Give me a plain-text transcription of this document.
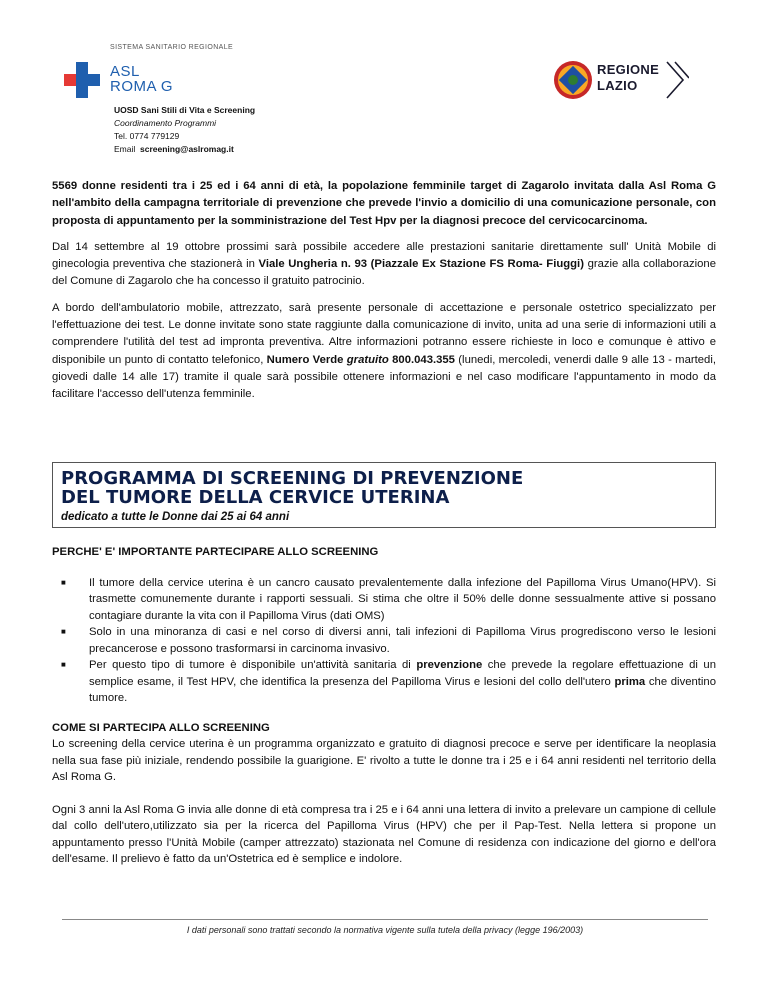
SISTEMA SANITARIO REGIONALE
ASL
ROMA G
UOSD Sani Stili di Vita e Screening
Coordinamento Programmi
Tel. 0774 779129
Email screening@aslromag.it
REGIONE
LAZIO

5569 donne residenti tra i 25 ed i 64 anni di età, la popolazione femminile target di Zagarolo invitata dalla Asl Roma G nell'ambito della campagna territoriale di prevenzione che prevede l'invio a domicilio di una comunicazione personale, con proposta di appuntamento per la somministrazione del Test Hpv per la diagnosi precoce del cervicocarcinoma.

Dal 14 settembre al 19 ottobre prossimi sarà possibile accedere alle prestazioni sanitarie direttamente sull' Unità Mobile di ginecologia preventiva che stazionerà in Viale Ungheria n. 93 (Piazzale Ex Stazione FS Roma- Fiuggi) grazie alla collaborazione del Comune di Zagarolo che ha concesso il gratuito patrocinio.

A bordo dell'ambulatorio mobile, attrezzato, sarà presente personale di accettazione e personale ostetrico specializzato per l'effettuazione dei test. Le donne invitate sono state raggiunte dalla comunicazione di invito, unita ad una serie di informazioni utili a comprendere l'utilità del test ad impronta preventiva. Altre informazioni potranno essere richieste in loco e comunque è attivo e disponibile un punto di contatto telefonico, Numero Verde gratuito 800.043.355 (lunedi, mercoledi, venerdi dalle 9 alle 13 - martedi, giovedi dalle 14 alle 17) tramite il quale sarà possibile ottenere informazioni e nel caso modificare l'appuntamento in modo da facilitare l'accesso dell'utenza femminile.

PROGRAMMA DI SCREENING DI PREVENZIONE
DEL TUMORE DELLA CERVICE UTERINA
dedicato a tutte le Donne dai 25 ai 64 anni
PERCHE' E' IMPORTANTE PARTECIPARE ALLO SCREENING
■ Il tumore della cervice uterina è un cancro causato prevalentemente dalla infezione del Papilloma Virus Umano(HPV). Si trasmette comunemente durante i rapporti sessuali. Si stima che oltre il 50% delle donne sessualmente attive si possano contagiare durante la vita con il Papilloma Virus (dati OMS)
■ Solo in una minoranza di casi e nel corso di diversi anni, tali infezioni di Papilloma Virus progrediscono verso le lesioni precancerose e possono trasformarsi in carcinoma invasivo.
■ Per questo tipo di tumore è disponibile un'attività sanitaria di prevenzione che prevede la regolare effettuazione di un semplice esame, il Test HPV, che identifica la presenza del Papilloma Virus e lesioni del collo dell'utero prima che diventino tumore.
COME SI PARTECIPA ALLO SCREENING

Lo screening della cervice uterina è un programma organizzato e gratuito di diagnosi precoce e serve per identificare la neoplasia nella sua fase più iniziale, rendendo possibile la guarigione. E' rivolto a tutte le donne tra i 25 e i 64 anni residenti nel territorio della Asl Roma G.

Ogni 3 anni la Asl Roma G invia alle donne di età compresa tra i 25 e i 64 anni una lettera di invito a prelevare un campione di cellule dal collo dell'utero,utilizzato sia per la ricerca del Papilloma Virus (HPV) che per il Pap-Test. Nella lettera si propone un appuntamento presso l'Unità Mobile (camper attrezzato) stazionata nel Comune di residenza con indicazione del giorno e dell'ora dell'esame. Il prelievo è fatto da un'Ostetrica ed è semplice e indolore.

I dati personali sono trattati secondo la normativa vigente sulla tutela della privacy (legge 196/2003)
